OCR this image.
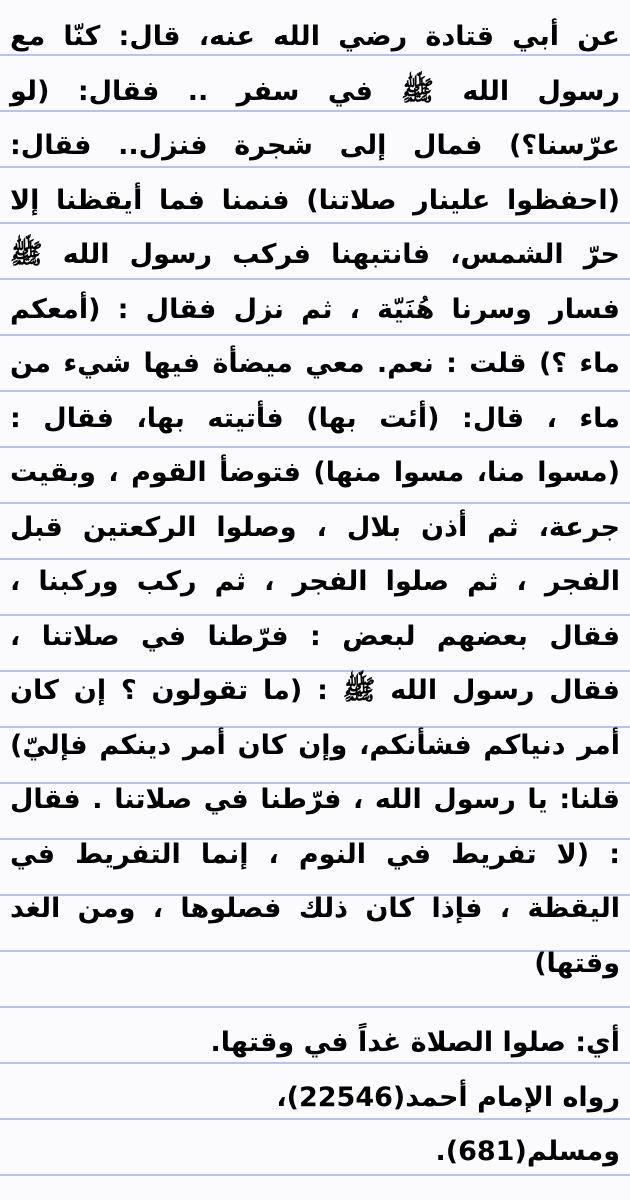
عن أبي قتادة رضي الله عنه، قال: كنّا مع رسول الله ﷺ في سفر .. فقال: (لو عرّسنا؟) فمال إلى شجرة فنزل.. فقال: (احفظوا علينار صلاتنا) فنمنا فما أيقظنا إلا حرّ الشمس، فانتبهنا فركب رسول الله ﷺ فسار وسرنا هُنَيّة ، ثم نزل فقال : (أمعكم ماء ؟) قلت : نعم. معي ميضأة فيها شيء من ماء ، قال: (أئت بها) فأتيته بها، فقال : (مسوا منا، مسوا منها) فتوضأ القوم ، وبقيت جرعة، ثم أذن بلال ، وصلوا الركعتين قبل الفجر ، ثم صلوا الفجر ، ثم ركب وركبنا ، فقال بعضهم لبعض : فرّطنا في صلاتنا ، فقال رسول الله ﷺ : (ما تقولون ؟ إن كان أمر دنياكم فشأنكم، وإن كان أمر دينكم فإليّ) قلنا: يا رسول الله ، فرّطنا في صلاتنا . فقال : (لا تفريط في النوم ، إنما التفريط في اليقظة ، فإذا كان ذلك فصلوها ، ومن الغد وقتها)

أي: صلوا الصلاة غداً في وقتها.
رواه الإمام أحمد(22546)،
ومسلم(681).
